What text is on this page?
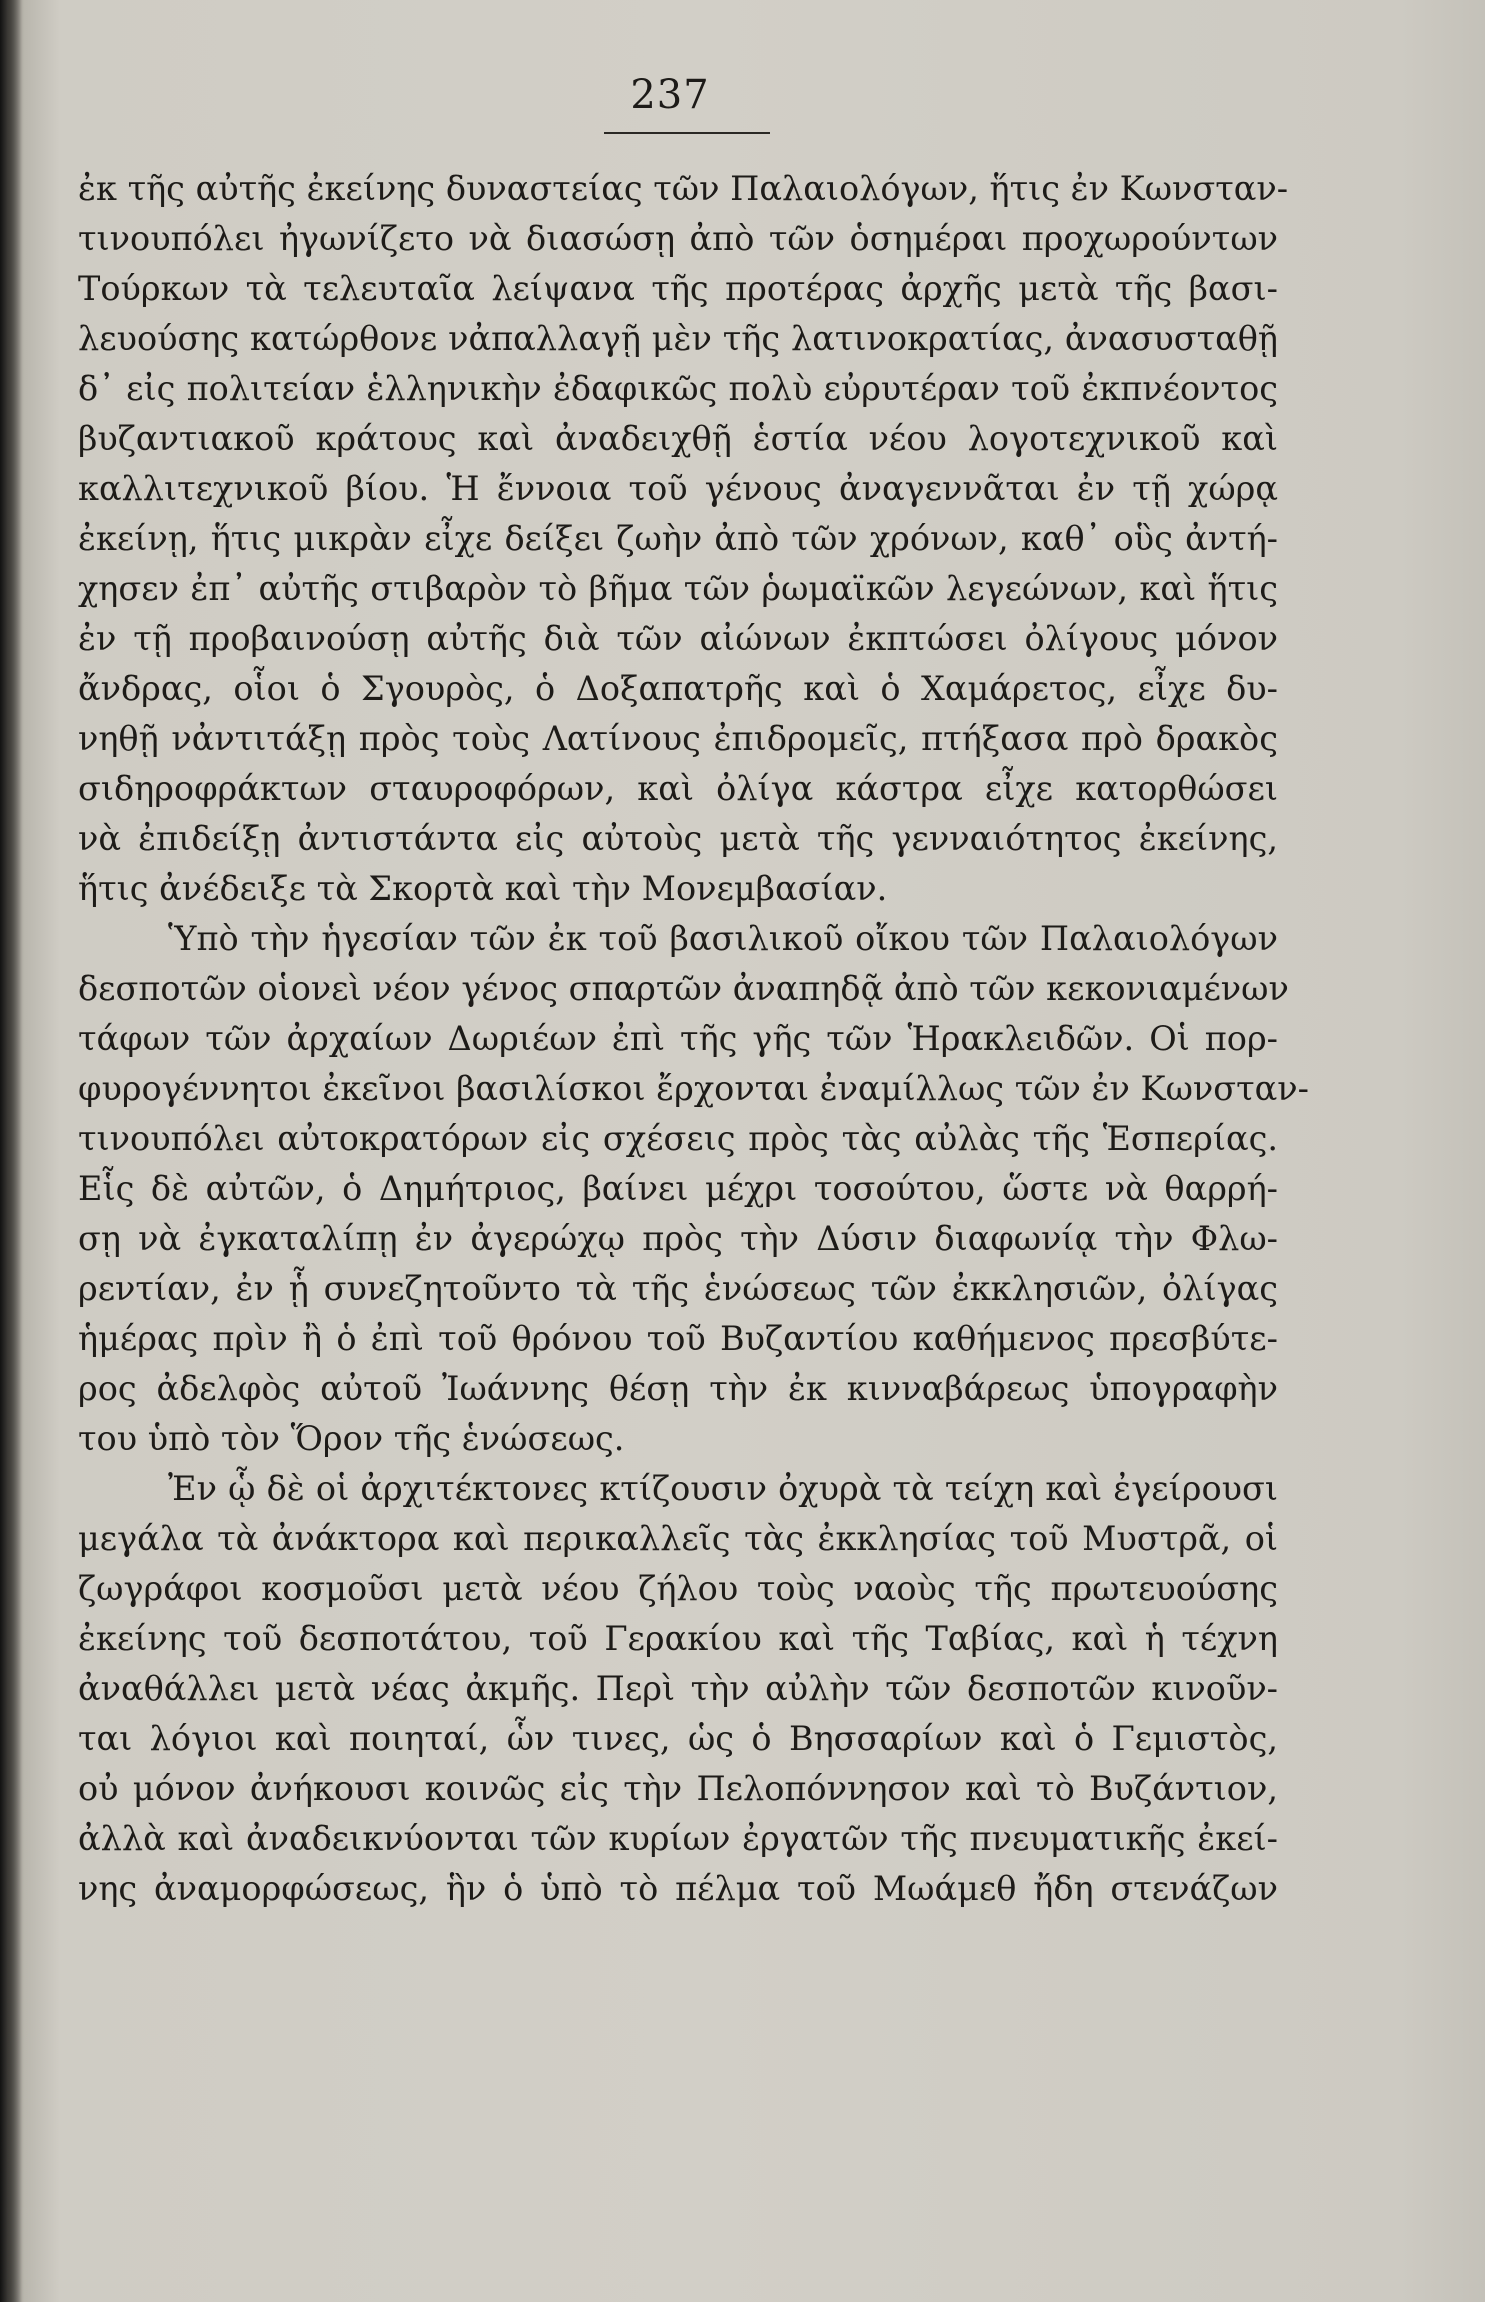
237
ἐκ τῆς αὐτῆς ἐκείνης δυναστείας τῶν Παλαιολόγων, ἥτις ἐν Κωνσταν-
τινουπόλει ἠγωνίζετο νὰ διασώσῃ ἀπὸ τῶν ὁσημέραι προχωρούντων
Τούρκων τὰ τελευταῖα λείψανα τῆς προτέρας ἀρχῆς μετὰ τῆς βασι-
λευούσης κατώρθονε νἀπαλλαγῇ μὲν τῆς λατινοκρατίας, ἀνασυσταθῇ
δ᾽ εἰς πολιτείαν ἑλληνικὴν ἐδαφικῶς πολὺ εὐρυτέραν τοῦ ἐκπνέοντος
βυζαντιακοῦ κράτους καὶ ἀναδειχθῇ ἑστία νέου λογοτεχνικοῦ καὶ
καλλιτεχνικοῦ βίου. Ἡ ἔννοια τοῦ γένους ἀναγεννᾶται ἐν τῇ χώρᾳ
ἐκείνῃ, ἥτις μικρὰν εἶχε δείξει ζωὴν ἀπὸ τῶν χρόνων, καθ᾽ οὓς ἀντή-
χησεν ἐπ᾽ αὐτῆς στιβαρὸν τὸ βῆμα τῶν ῥωμαϊκῶν λεγεώνων, καὶ ἥτις
ἐν τῇ προβαινούσῃ αὐτῆς διὰ τῶν αἰώνων ἐκπτώσει ὀλίγους μόνον
ἄνδρας, οἷοι ὁ Σγουρὸς, ὁ Δοξαπατρῆς καὶ ὁ Χαμάρετος, εἶχε δυ-
νηθῇ νἀντιτάξῃ πρὸς τοὺς Λατίνους ἐπιδρομεῖς, πτήξασα πρὸ δρακὸς
σιδηροφράκτων σταυροφόρων, καὶ ὀλίγα κάστρα εἶχε κατορθώσει
νὰ ἐπιδείξῃ ἀντιστάντα εἰς αὐτοὺς μετὰ τῆς γενναιότητος ἐκείνης,
ἥτις ἀνέδειξε τὰ Σκορτὰ καὶ τὴν Μονεμβασίαν.
Ὑπὸ τὴν ἡγεσίαν τῶν ἐκ τοῦ βασιλικοῦ οἴκου τῶν Παλαιολόγων
δεσποτῶν οἱονεὶ νέον γένος σπαρτῶν ἀναπηδᾷ ἀπὸ τῶν κεκονιαμένων
τάφων τῶν ἀρχαίων Δωριέων ἐπὶ τῆς γῆς τῶν Ἡρακλειδῶν. Οἱ πορ-
φυρογέννητοι ἐκεῖνοι βασιλίσκοι ἔρχονται ἐναμίλλως τῶν ἐν Κωνσταν-
τινουπόλει αὐτοκρατόρων εἰς σχέσεις πρὸς τὰς αὐλὰς τῆς Ἑσπερίας.
Εἷς δὲ αὐτῶν, ὁ Δημήτριος, βαίνει μέχρι τοσούτου, ὥστε νὰ θαρρή-
σῃ νὰ ἐγκαταλίπῃ ἐν ἀγερώχῳ πρὸς τὴν Δύσιν διαφωνίᾳ τὴν Φλω-
ρεντίαν, ἐν ᾗ συνεζητοῦντο τὰ τῆς ἑνώσεως τῶν ἐκκλησιῶν, ὀλίγας
ἡμέρας πρὶν ἢ ὁ ἐπὶ τοῦ θρόνου τοῦ Βυζαντίου καθήμενος πρεσβύτε-
ρος ἀδελφὸς αὐτοῦ Ἰωάννης θέσῃ τὴν ἐκ κινναβάρεως ὑπογραφὴν
του ὑπὸ τὸν Ὅρον τῆς ἑνώσεως.
Ἐν ᾧ δὲ οἱ ἀρχιτέκτονες κτίζουσιν ὀχυρὰ τὰ τείχη καὶ ἐγείρουσι
μεγάλα τὰ ἀνάκτορα καὶ περικαλλεῖς τὰς ἐκκλησίας τοῦ Μυστρᾶ, οἱ
ζωγράφοι κοσμοῦσι μετὰ νέου ζήλου τοὺς ναοὺς τῆς πρωτευούσης
ἐκείνης τοῦ δεσποτάτου, τοῦ Γερακίου καὶ τῆς Ταβίας, καὶ ἡ τέχνη
ἀναθάλλει μετὰ νέας ἀκμῆς. Περὶ τὴν αὐλὴν τῶν δεσποτῶν κινοῦν-
ται λόγιοι καὶ ποιηταί, ὧν τινες, ὡς ὁ Βησσαρίων καὶ ὁ Γεμιστὸς,
οὐ μόνον ἀνήκουσι κοινῶς εἰς τὴν Πελοπόννησον καὶ τὸ Βυζάντιον,
ἀλλὰ καὶ ἀναδεικνύονται τῶν κυρίων ἐργατῶν τῆς πνευματικῆς ἐκεί-
νης ἀναμορφώσεως, ἣν ὁ ὑπὸ τὸ πέλμα τοῦ Μωάμεθ ἤδη στενάζων
